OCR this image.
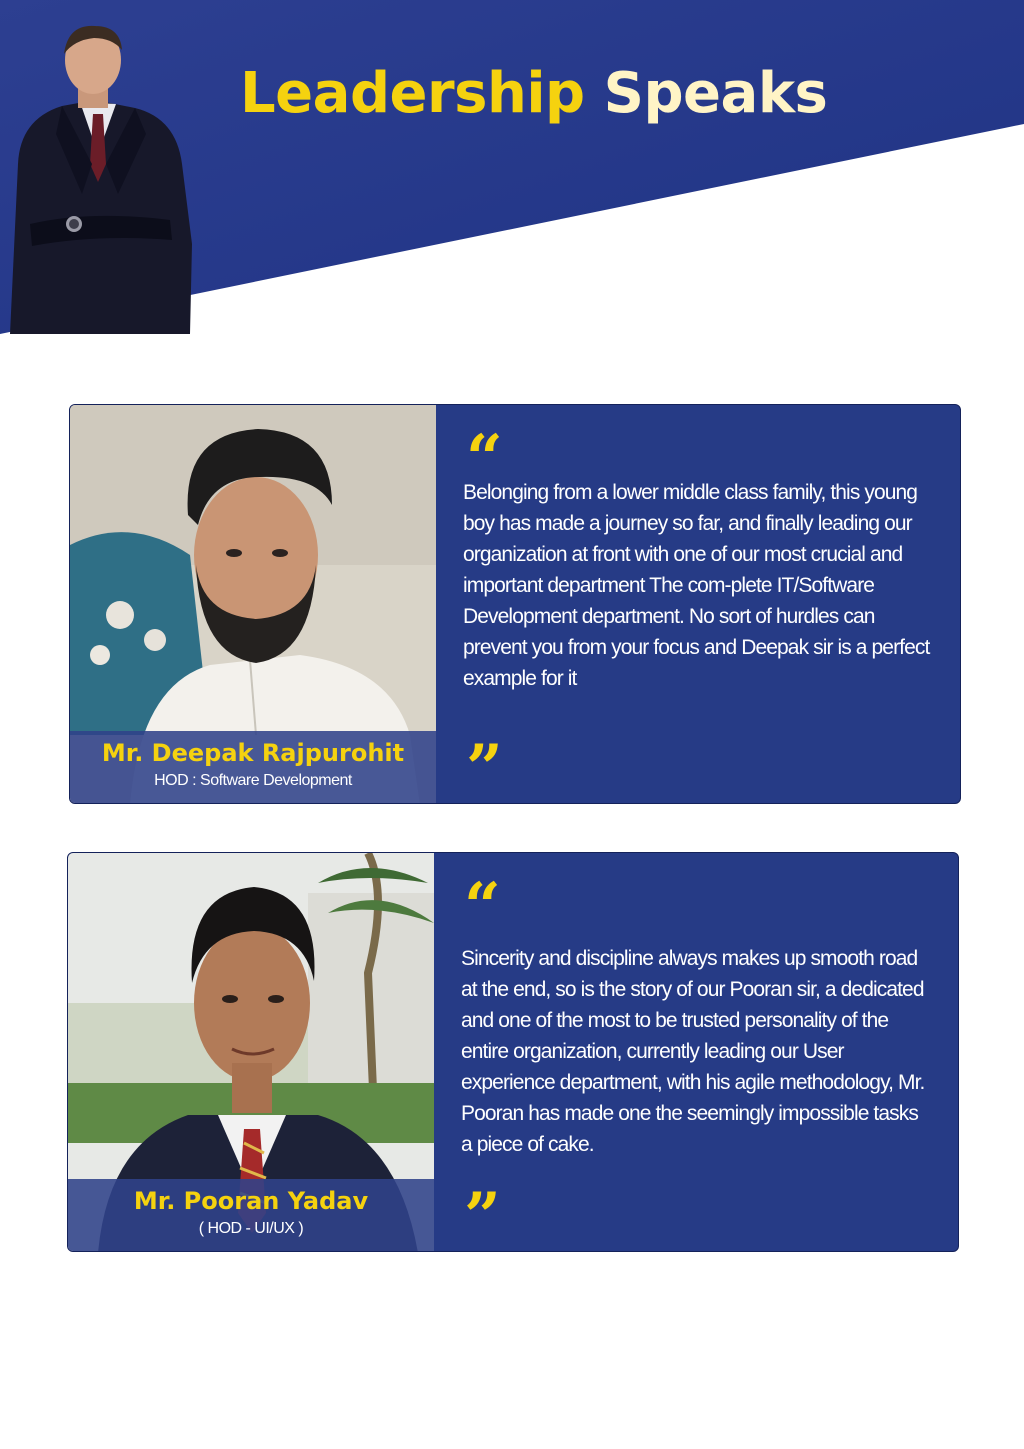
Leadership Speaks
Mr. Deepak Rajpurohit
HOD : Software Development
“

Belonging from a lower middle class family, this young boy has made a journey so far, and finally leading our organization at front with one of our most crucial and important department The com-plete IT/Software Development department. No sort of hurdles can prevent you from your focus and Deepak sir is a perfect example for it

”
Mr. Pooran Yadav
( HOD - UI/UX )
“

Sincerity and discipline always makes up smooth road at the end, so is the story of our Pooran sir, a dedicated and one of the most to be trusted personality of the entire organization, currently leading our User experience department, with his agile methodology, Mr. Pooran has made one the seemingly impossible tasks a piece of cake.

”
